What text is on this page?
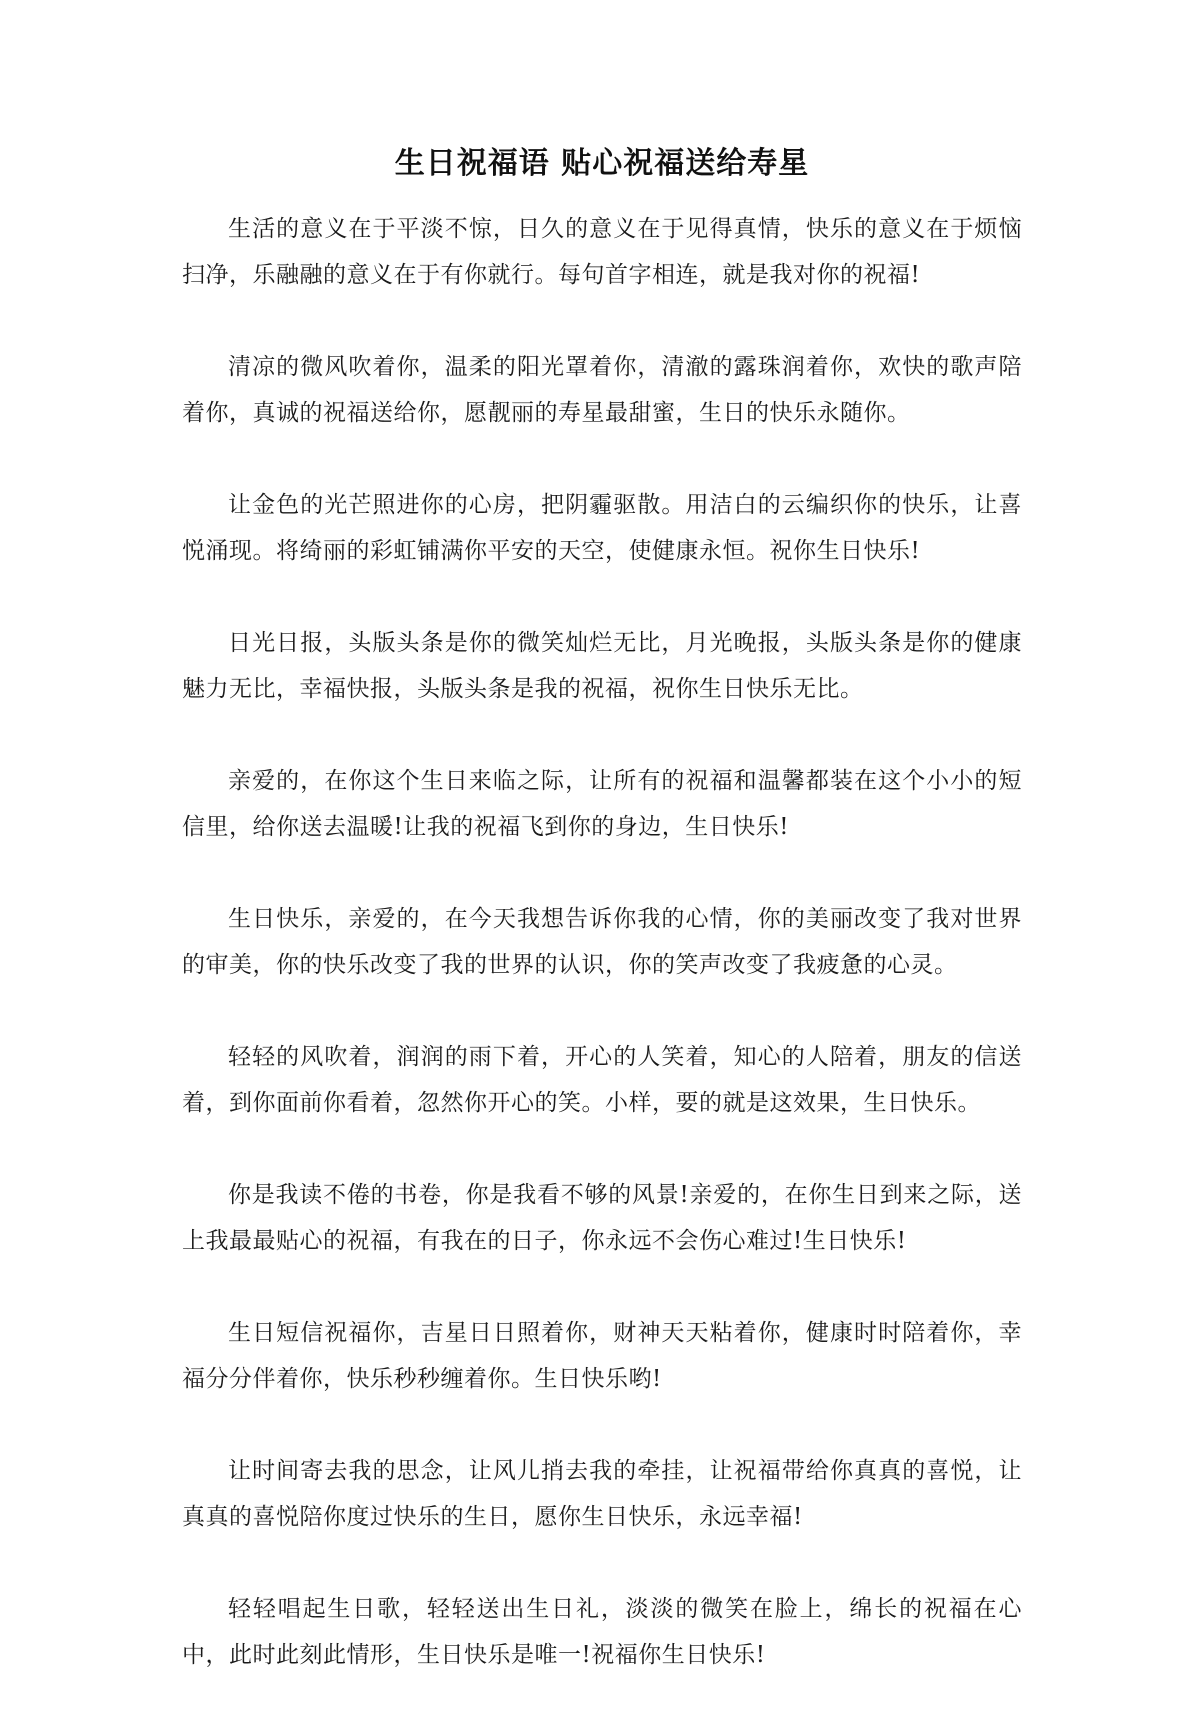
生日祝福语 贴心祝福送给寿星

生活的意义在于平淡不惊，日久的意义在于见得真情，快乐的意义在于烦恼扫净，乐融融的意义在于有你就行。每句首字相连，就是我对你的祝福!

清凉的微风吹着你，温柔的阳光罩着你，清澈的露珠润着你，欢快的歌声陪着你，真诚的祝福送给你，愿靓丽的寿星最甜蜜，生日的快乐永随你。

让金色的光芒照进你的心房，把阴霾驱散。用洁白的云编织你的快乐，让喜悦涌现。将绮丽的彩虹铺满你平安的天空，使健康永恒。祝你生日快乐!

日光日报，头版头条是你的微笑灿烂无比，月光晚报，头版头条是你的健康魅力无比，幸福快报，头版头条是我的祝福，祝你生日快乐无比。

亲爱的，在你这个生日来临之际，让所有的祝福和温馨都装在这个小小的短信里，给你送去温暖!让我的祝福飞到你的身边，生日快乐!

生日快乐，亲爱的，在今天我想告诉你我的心情，你的美丽改变了我对世界的审美，你的快乐改变了我的世界的认识，你的笑声改变了我疲惫的心灵。

轻轻的风吹着，润润的雨下着，开心的人笑着，知心的人陪着，朋友的信送着，到你面前你看着，忽然你开心的笑。小样，要的就是这效果，生日快乐。

你是我读不倦的书卷，你是我看不够的风景!亲爱的，在你生日到来之际，送上我最最贴心的祝福，有我在的日子，你永远不会伤心难过!生日快乐!

生日短信祝福你，吉星日日照着你，财神天天粘着你，健康时时陪着你，幸福分分伴着你，快乐秒秒缠着你。生日快乐哟!

让时间寄去我的思念，让风儿捎去我的牵挂，让祝福带给你真真的喜悦，让真真的喜悦陪你度过快乐的生日，愿你生日快乐，永远幸福!

轻轻唱起生日歌，轻轻送出生日礼，淡淡的微笑在脸上，绵长的祝福在心中，此时此刻此情形，生日快乐是唯一!祝福你生日快乐!
